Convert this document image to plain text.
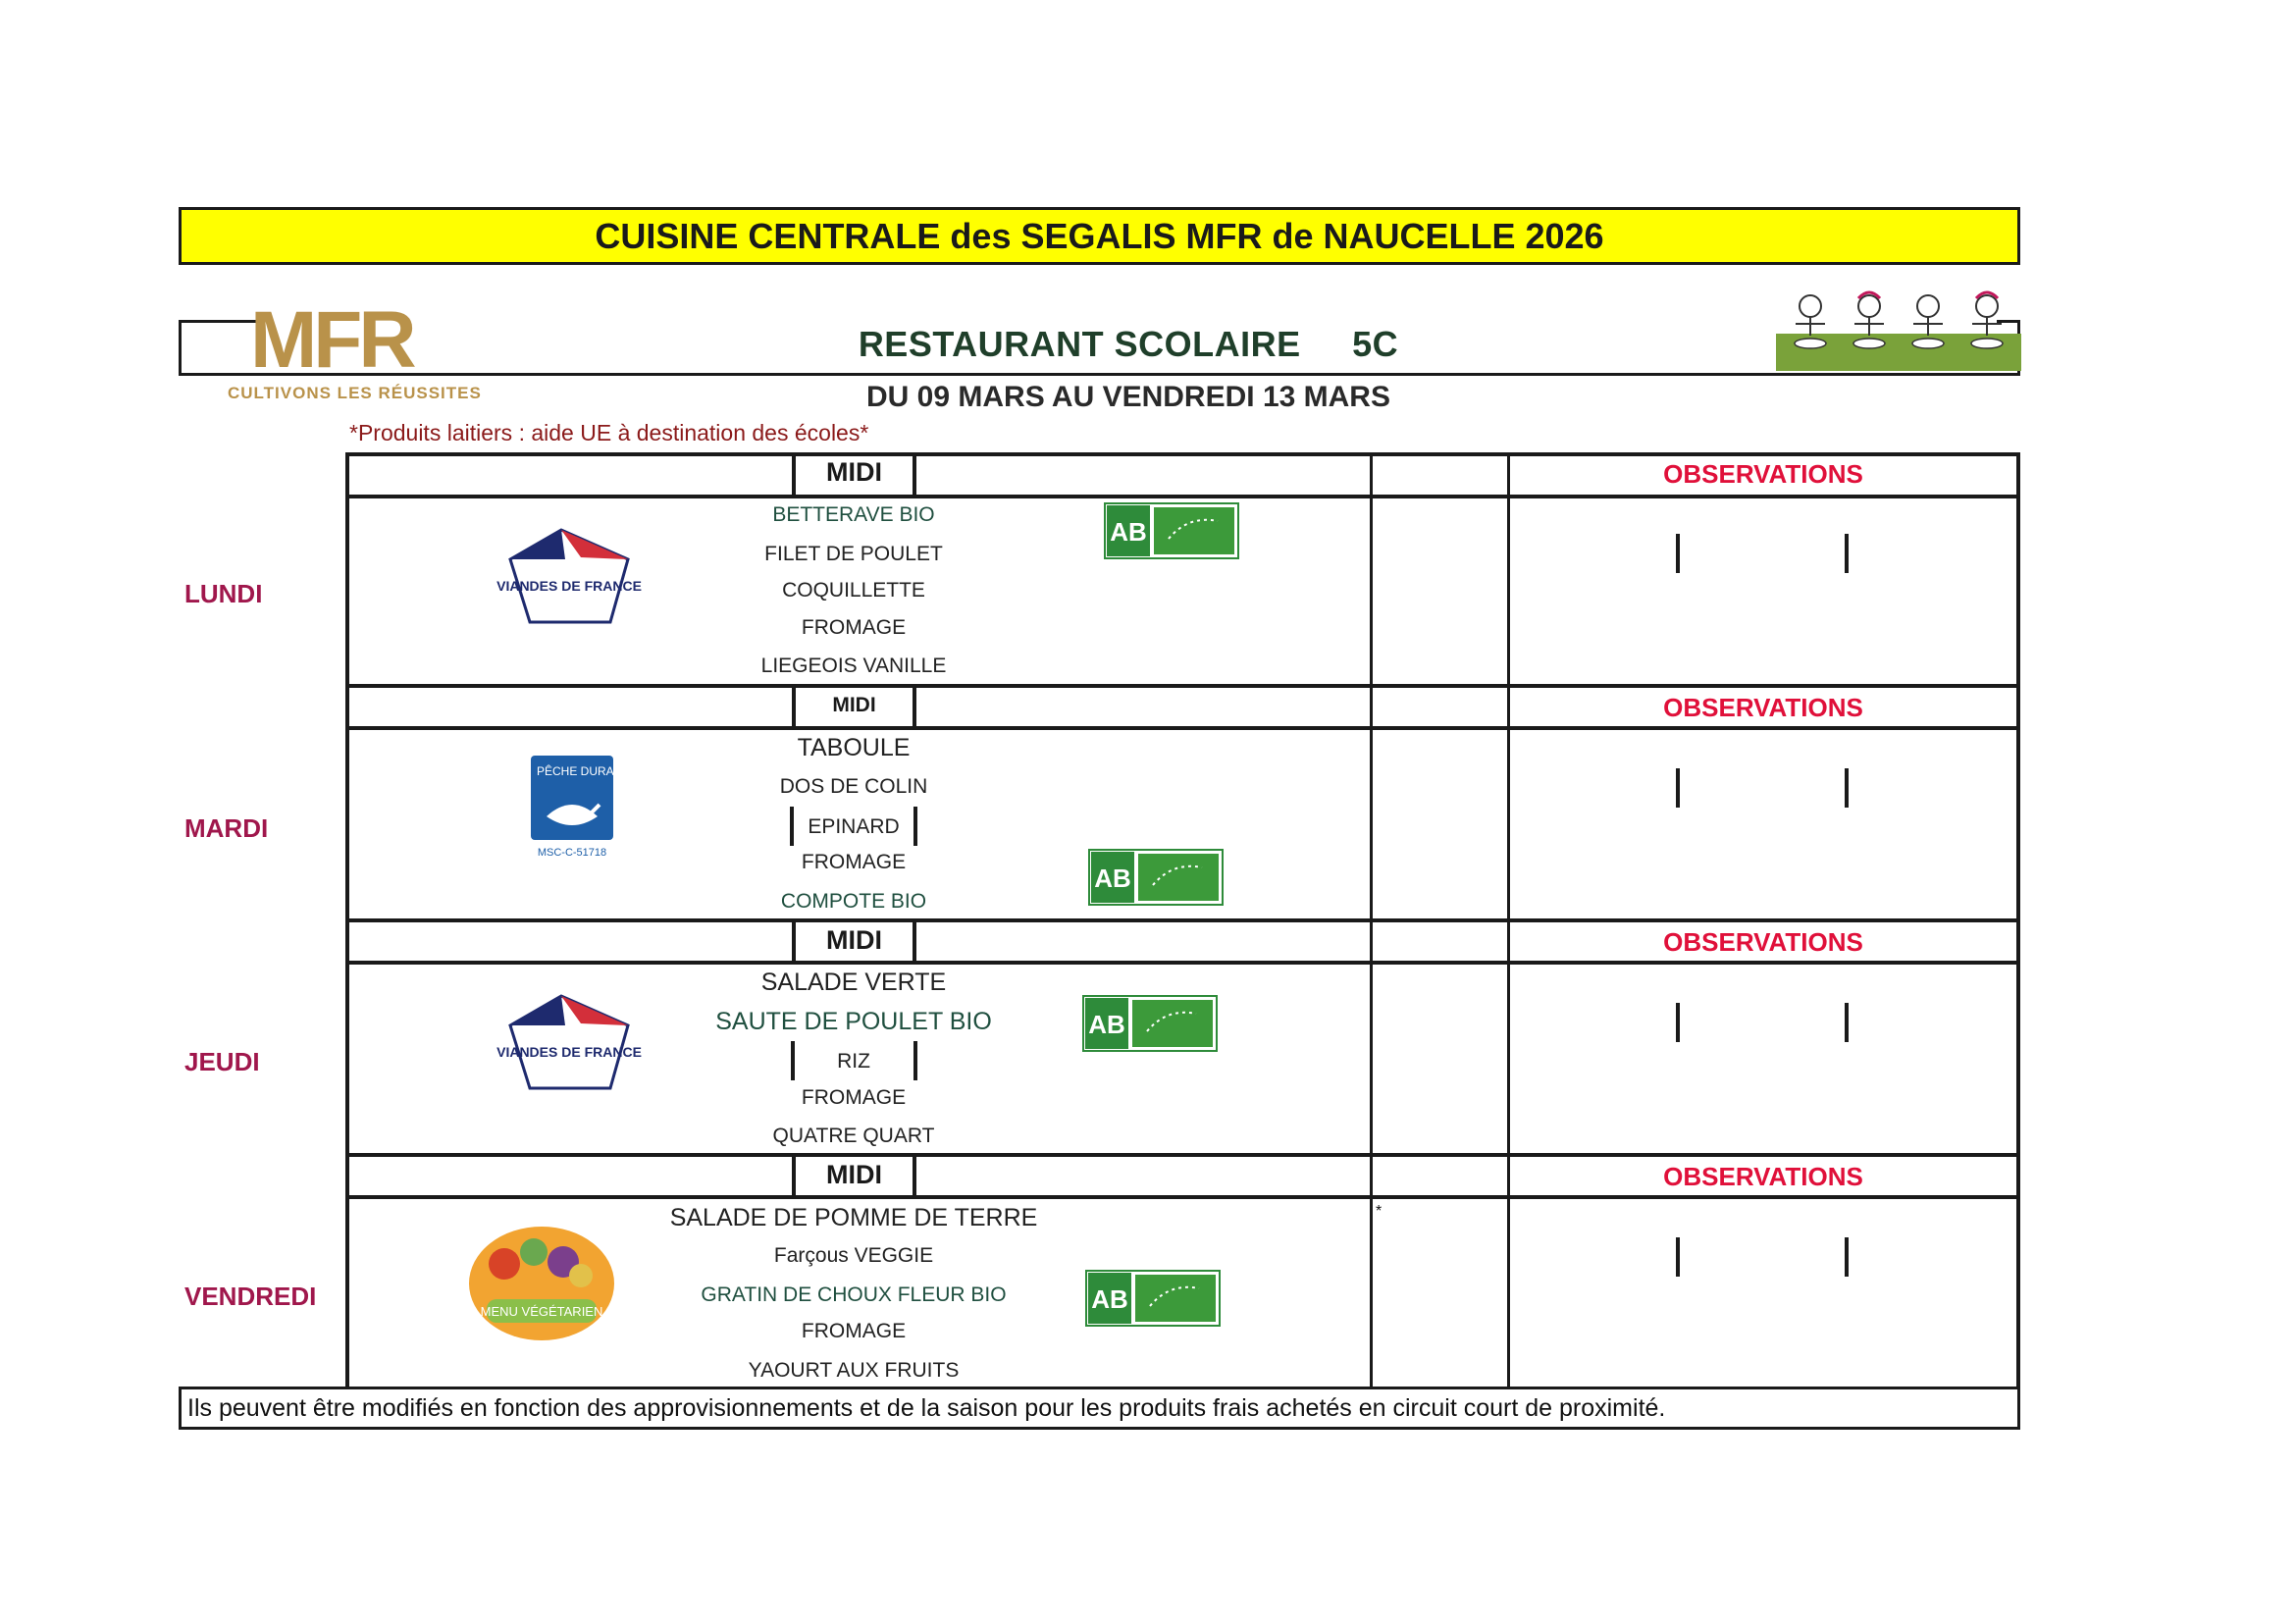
CUISINE CENTRALE des SEGALIS MFR de NAUCELLE 2026
MFR
CULTIVONS LES RÉUSSITES
RESTAURANT SCOLAIRE     5C
DU 09 MARS AU VENDREDI 13 MARS
*Produits laitiers : aide UE à destination des écoles*
MIDI	OBSERVATIONS
LUNDI	VIANDES DE FRANCE
BETTERAVE BIO
FILET DE POULET
COQUILLETTE
FROMAGE
LIEGEOIS VANILLE
AB
MIDI	OBSERVATIONS
MARDI
PÊCHE DURABLE MSC
MSC-C-51718
TABOULE
DOS DE COLIN
EPINARD
FROMAGE
COMPOTE BIO
AB
MIDI	OBSERVATIONS
JEUDI	VIANDES DE FRANCE
SALADE VERTE
SAUTE DE POULET BIO
RIZ
FROMAGE
QUATRE QUART
AB
MIDI	OBSERVATIONS
VENDREDI
MENU VÉGÉTARIEN
*
SALADE DE POMME DE TERRE
Farçous VEGGIE
GRATIN DE CHOUX FLEUR BIO
FROMAGE
YAOURT AUX FRUITS
AB
Ils peuvent être modifiés en fonction des approvisionnements et de la saison pour les produits frais achetés en circuit court de proximité.
